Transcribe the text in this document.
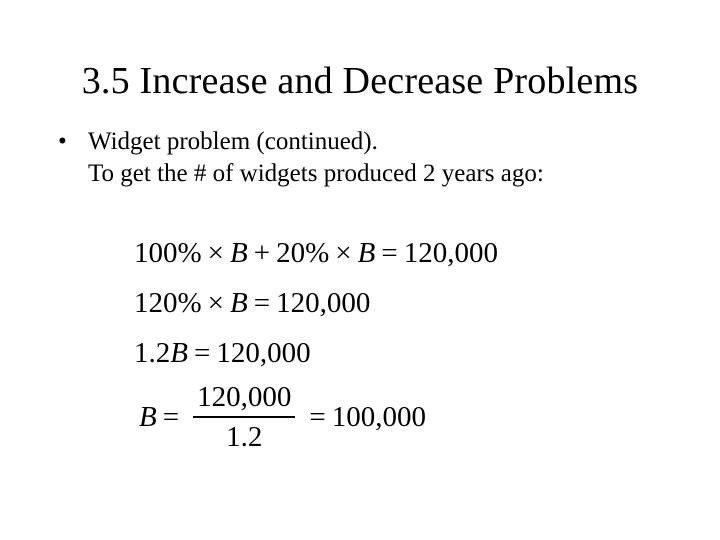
3.5 Increase and Decrease Problems
• Widget problem (continued).
To get the # of widgets produced 2 years ago:
100% × B + 20% × B = 120,000
120% × B = 120,000
1.2B = 120,000
$B = \frac{120,000}{1.2} = 100,000$
